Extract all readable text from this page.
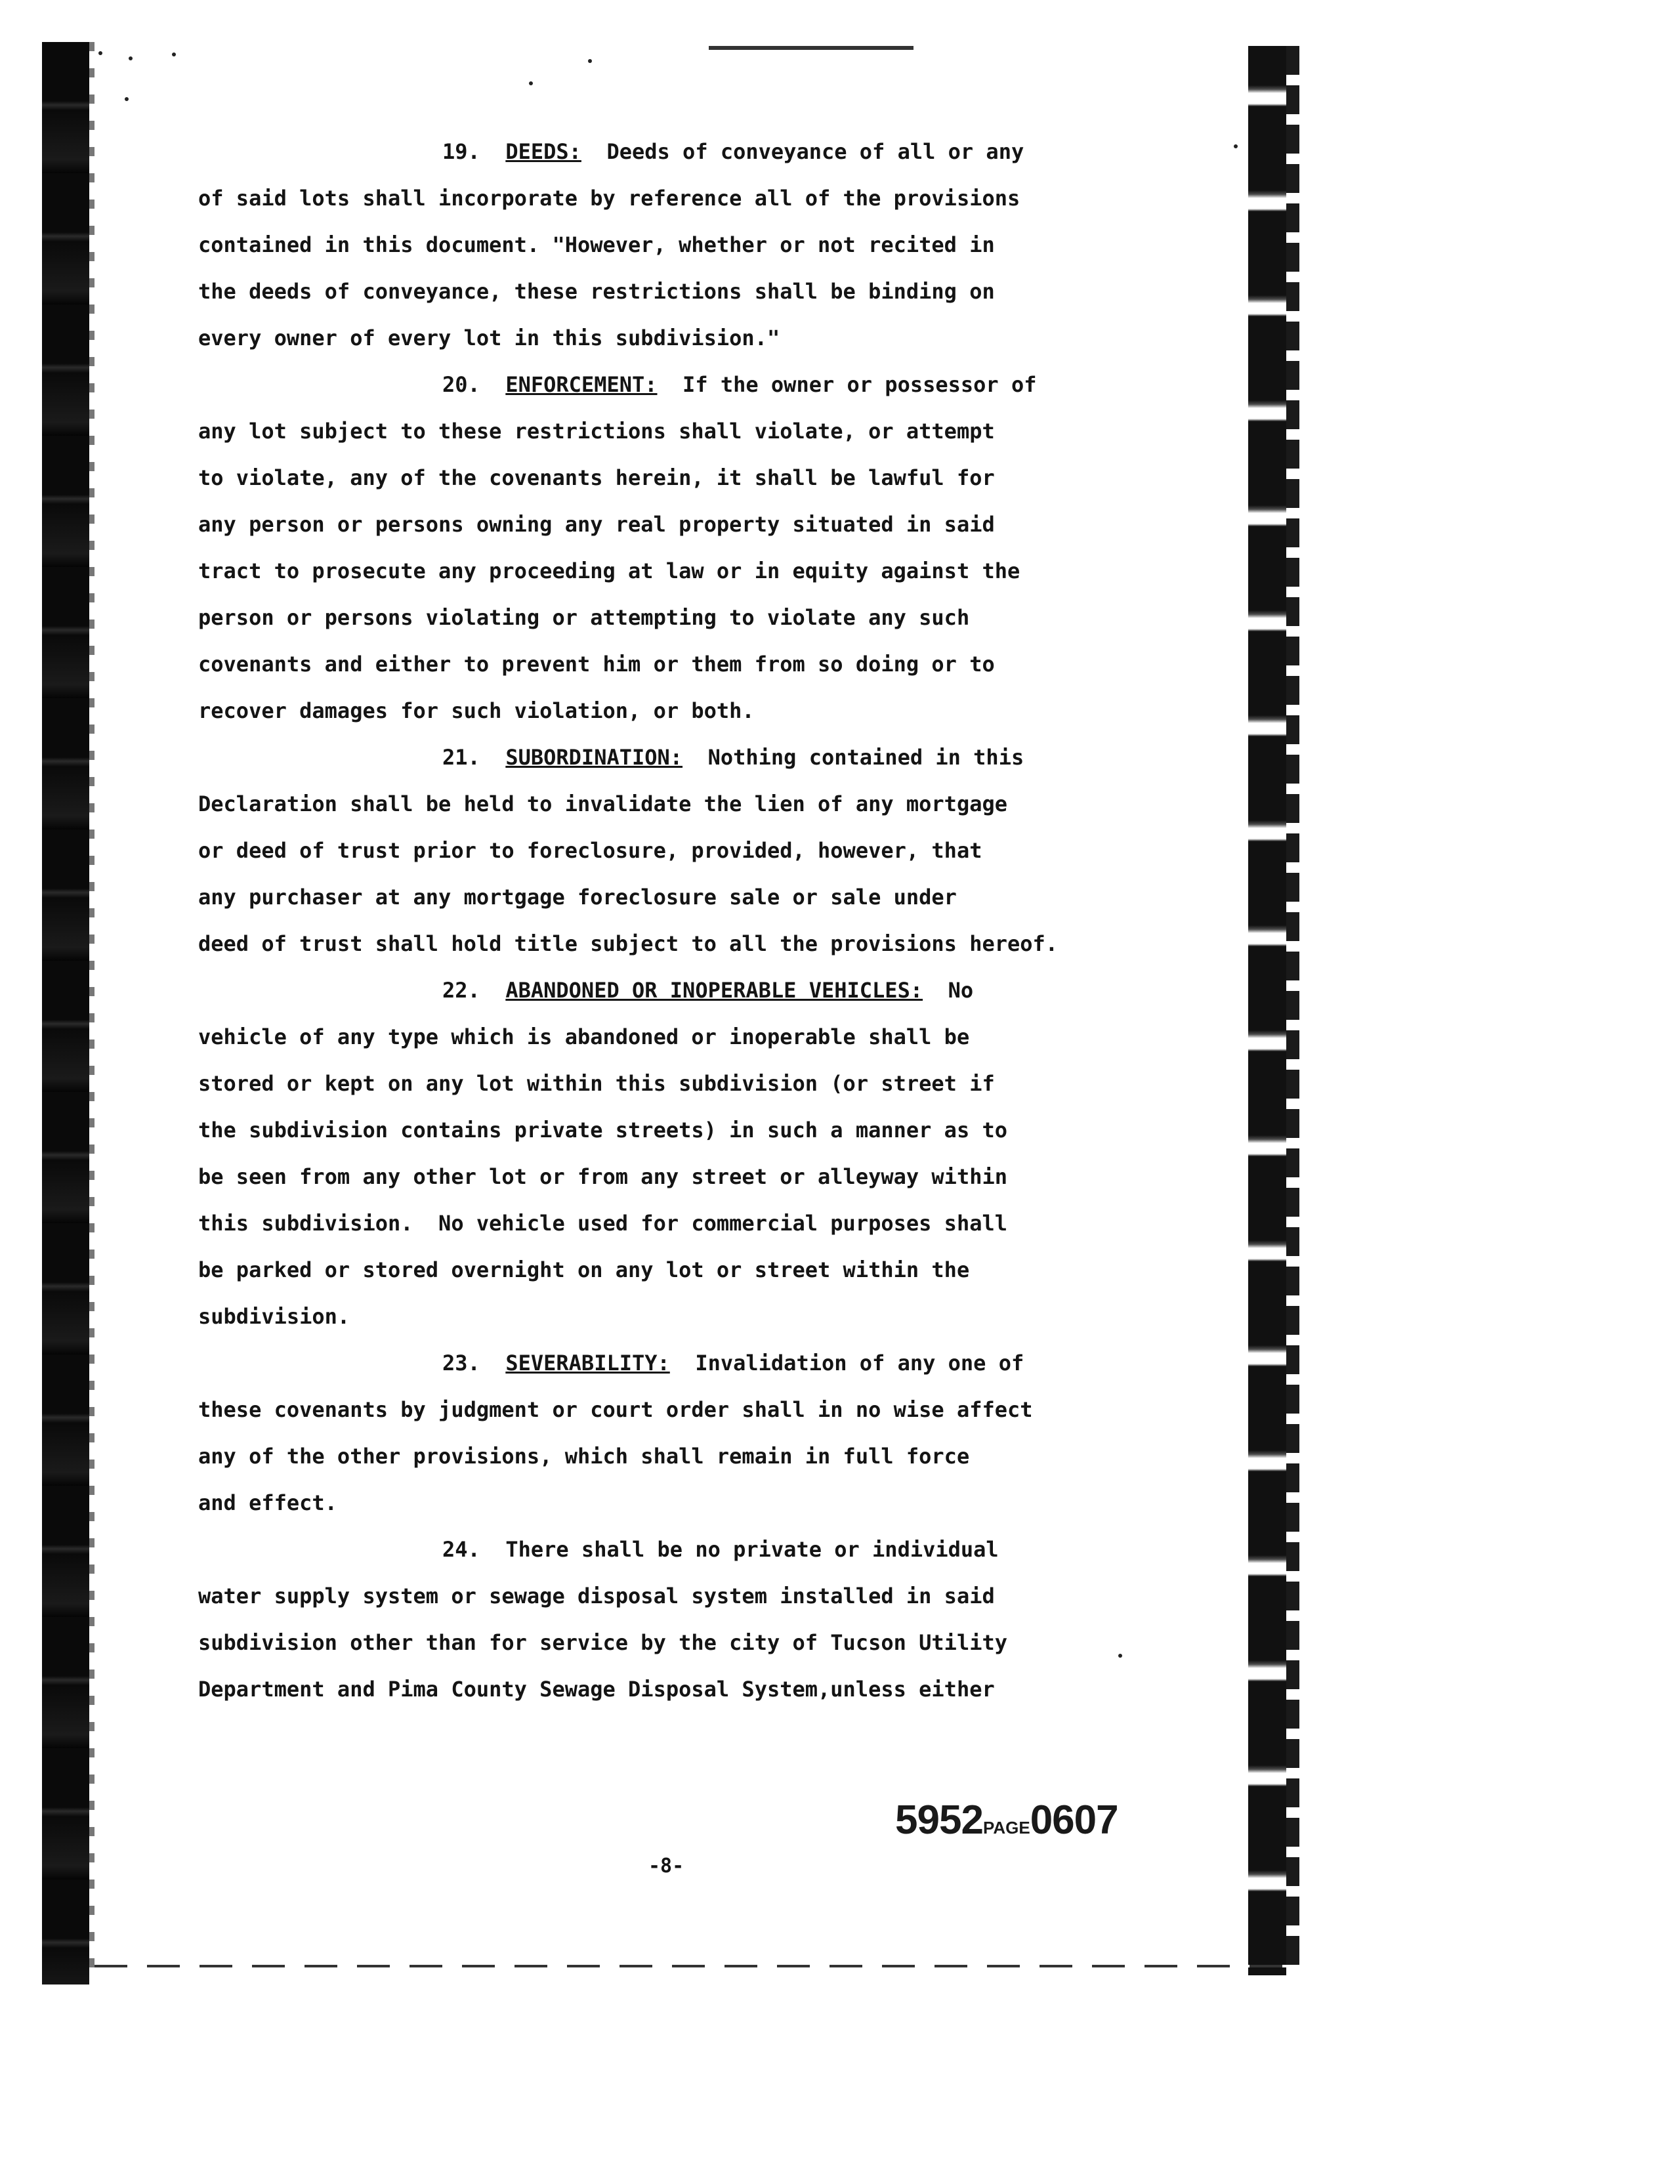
19. DEEDS: Deeds of conveyance of all or any
of said lots shall incorporate by reference all of the provisions
contained in this document. "However, whether or not recited in
the deeds of conveyance, these restrictions shall be binding on
every owner of every lot in this subdivision."
20. ENFORCEMENT: If the owner or possessor of
any lot subject to these restrictions shall violate, or attempt
to violate, any of the covenants herein, it shall be lawful for
any person or persons owning any real property situated in said
tract to prosecute any proceeding at law or in equity against the
person or persons violating or attempting to violate any such
covenants and either to prevent him or them from so doing or to
recover damages for such violation, or both.
21. SUBORDINATION: Nothing contained in this
Declaration shall be held to invalidate the lien of any mortgage
or deed of trust prior to foreclosure, provided, however, that
any purchaser at any mortgage foreclosure sale or sale under
deed of trust shall hold title subject to all the provisions hereof.
22. ABANDONED OR INOPERABLE VEHICLES: No
vehicle of any type which is abandoned or inoperable shall be
stored or kept on any lot within this subdivision (or street if
the subdivision contains private streets) in such a manner as to
be seen from any other lot or from any street or alleyway within
this subdivision.  No vehicle used for commercial purposes shall
be parked or stored overnight on any lot or street within the
subdivision.
23. SEVERABILITY: Invalidation of any one of
these covenants by judgment or court order shall in no wise affect
any of the other provisions, which shall remain in full force
and effect.
24. There shall be no private or individual
water supply system or sewage disposal system installed in said
subdivision other than for service by the city of Tucson Utility
Department and Pima County Sewage Disposal System,unless either
5952PAGE0607
-8-
